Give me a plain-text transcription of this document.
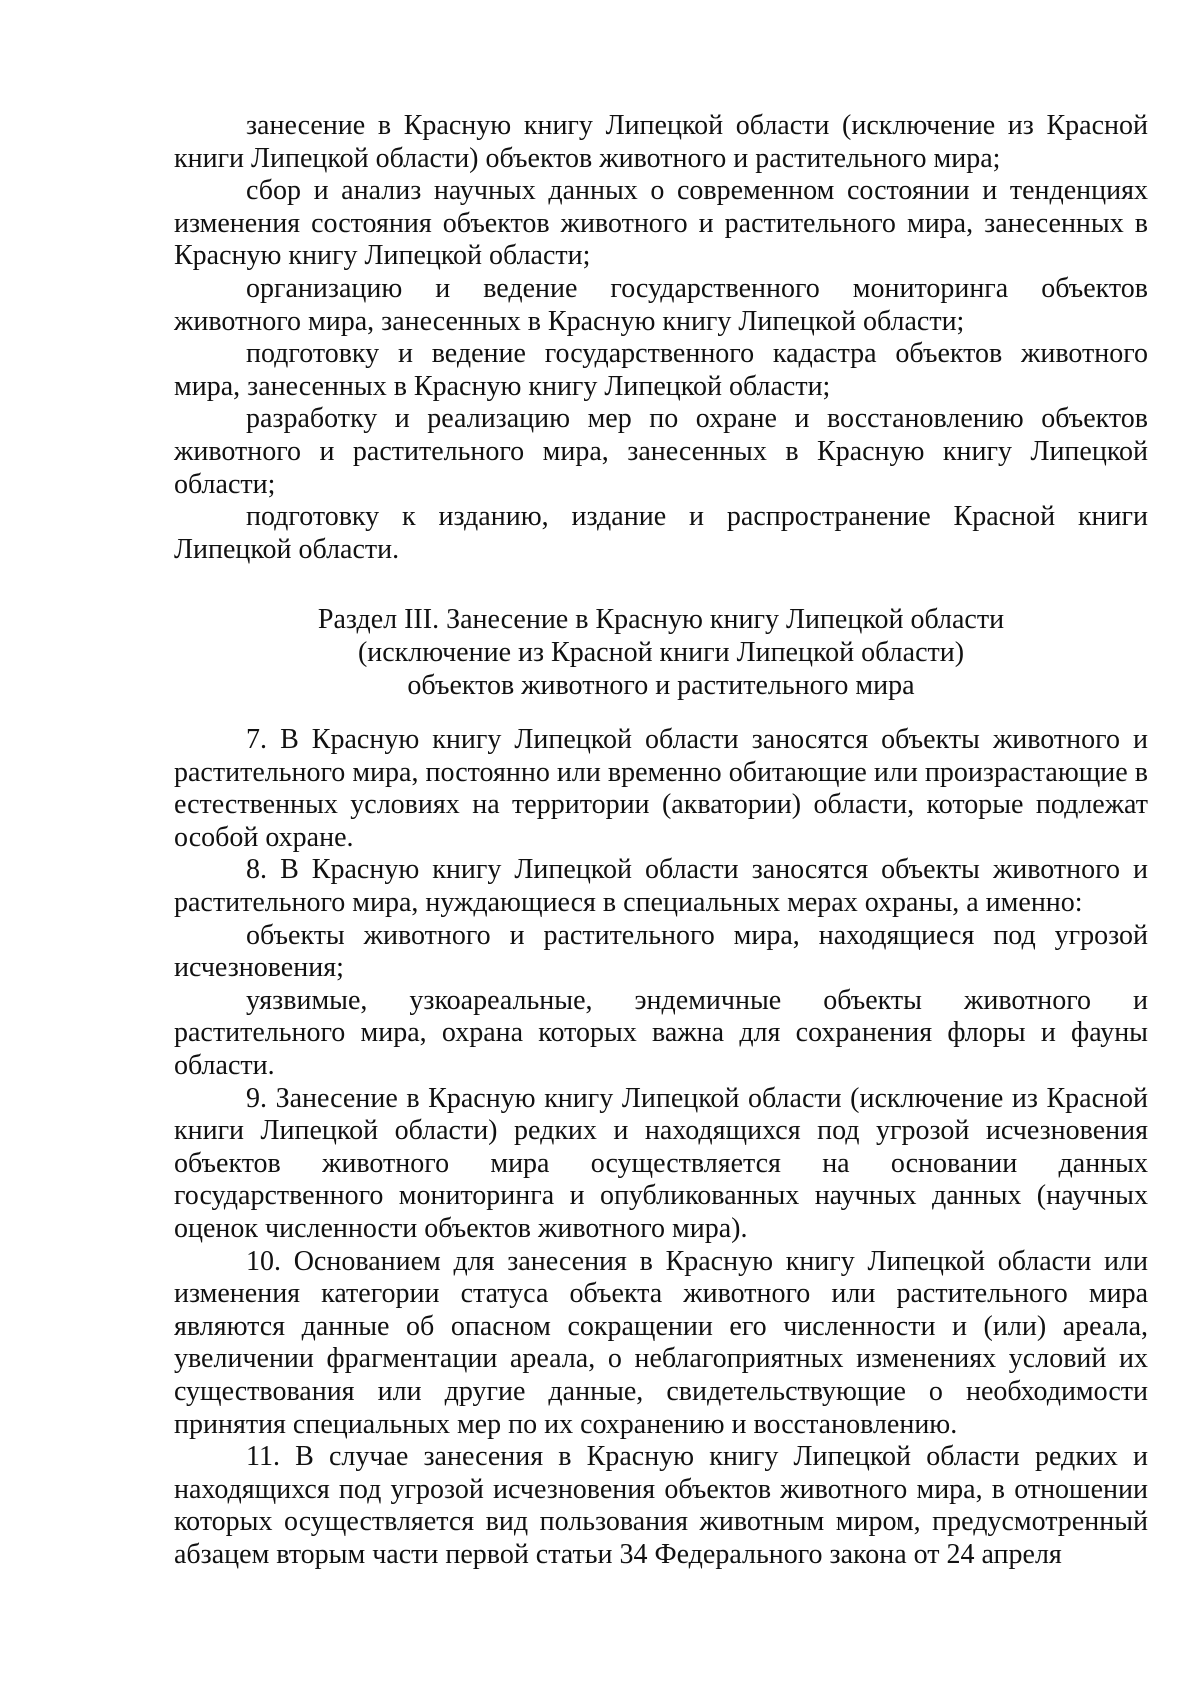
занесение в Красную книгу Липецкой области (исключение из Красной книги Липецкой области) объектов животного и растительного мира;

сбор и анализ научных данных о современном состоянии и тенденциях изменения состояния объектов животного и растительного мира, занесенных в Красную книгу Липецкой области;

организацию и ведение государственного мониторинга объектов животного мира, занесенных в Красную книгу Липецкой области;

подготовку и ведение государственного кадастра объектов животного мира, занесенных в Красную книгу Липецкой области;

разработку и реализацию мер по охране и восстановлению объектов животного и растительного мира, занесенных в Красную книгу Липецкой области;

подготовку к изданию, издание и распространение Красной книги Липецкой области.

Раздел III. Занесение в Красную книгу Липецкой области
(исключение из Красной книги Липецкой области)
объектов животного и растительного мира

7. В Красную книгу Липецкой области заносятся объекты животного и растительного мира, постоянно или временно обитающие или произрастающие в естественных условиях на территории (акватории) области, которые подлежат особой охране.

8. В Красную книгу Липецкой области заносятся объекты животного и растительного мира, нуждающиеся в специальных мерах охраны, а именно:

объекты животного и растительного мира, находящиеся под угрозой исчезновения;

уязвимые, узкоареальные, эндемичные объекты животного и растительного мира, охрана которых важна для сохранения флоры и фауны области.

9. Занесение в Красную книгу Липецкой области (исключение из Красной книги Липецкой области) редких и находящихся под угрозой исчезновения объектов животного мира осуществляется на основании данных государственного мониторинга и опубликованных научных данных (научных оценок численности объектов животного мира).

10. Основанием для занесения в Красную книгу Липецкой области или изменения категории статуса объекта животного или растительного мира являются данные об опасном сокращении его численности и (или) ареала, увеличении фрагментации ареала, о неблагоприятных изменениях условий их существования или другие данные, свидетельствующие о необходимости принятия специальных мер по их сохранению и восстановлению.

11. В случае занесения в Красную книгу Липецкой области редких и находящихся под угрозой исчезновения объектов животного мира, в отношении которых осуществляется вид пользования животным миром, предусмотренный абзацем вторым части первой статьи 34 Федерального закона от 24 апреля
